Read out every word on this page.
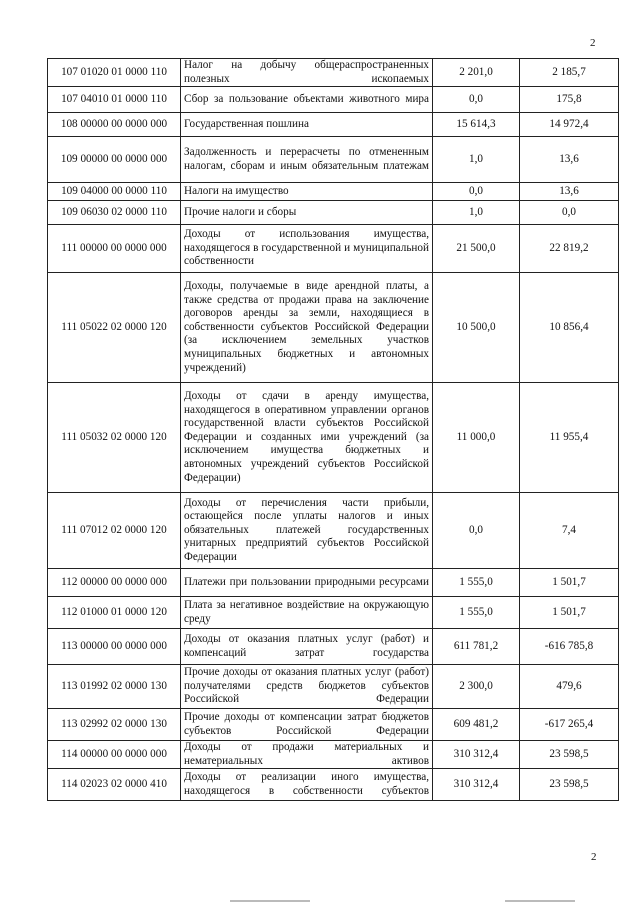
2
107 01020 01 0000 110	Налог на добычу общераспространенных полезных ископаемых	2 201,0	2 185,7
107 04010 01 0000 110	Сбор за пользование объектами животного мира	0,0	175,8
108 00000 00 0000 000	Государственная пошлина	15 614,3	14 972,4
109 00000 00 0000 000	Задолженность и перерасчеты по отмененным налогам, сборам и иным обязательным платежам	1,0	13,6
109 04000 00 0000 110	Налоги на имущество	0,0	13,6
109 06030 02 0000 110	Прочие налоги и сборы	1,0	0,0
111 00000 00 0000 000	Доходы от использования имущества, находящегося в государственной и муниципальной собственности	21 500,0	22 819,2
111 05022 02 0000 120	Доходы, получаемые в виде арендной платы, а также средства от продажи права на заключение договоров аренды за земли, находящиеся в собственности субъектов Российской Федерации (за исключением земельных участков муниципальных бюджетных и автономных учреждений)	10 500,0	10 856,4
111 05032 02 0000 120	Доходы от сдачи в аренду имущества, находящегося в оперативном управлении органов государственной власти субъектов Российской Федерации и созданных ими учреждений (за исключением имущества бюджетных и автономных учреждений субъектов Российской Федерации)	11 000,0	11 955,4
111 07012 02 0000 120	Доходы от перечисления части прибыли, остающейся после уплаты налогов и иных обязательных платежей государственных унитарных предприятий субъектов Российской Федерации	0,0	7,4
112 00000 00 0000 000	Платежи при пользовании природными ресурсами	1 555,0	1 501,7
112 01000 01 0000 120	Плата за негативное воздействие на окружающую среду	1 555,0	1 501,7
113 00000 00 0000 000	Доходы от оказания платных услуг (работ) и компенсаций затрат государства	611 781,2	-616 785,8
113 01992 02 0000 130	Прочие доходы от оказания платных услуг (работ) получателями средств бюджетов субъектов Российской Федерации	2 300,0	479,6
113 02992 02 0000 130	Прочие доходы от компенсации затрат бюджетов субъектов Российской Федерации	609 481,2	-617 265,4
114 00000 00 0000 000	Доходы от продажи материальных и нематериальных активов	310 312,4	23 598,5
114 02023 02 0000 410	Доходы от реализации иного имущества, находящегося в собственности субъектов	310 312,4	23 598,5
2
